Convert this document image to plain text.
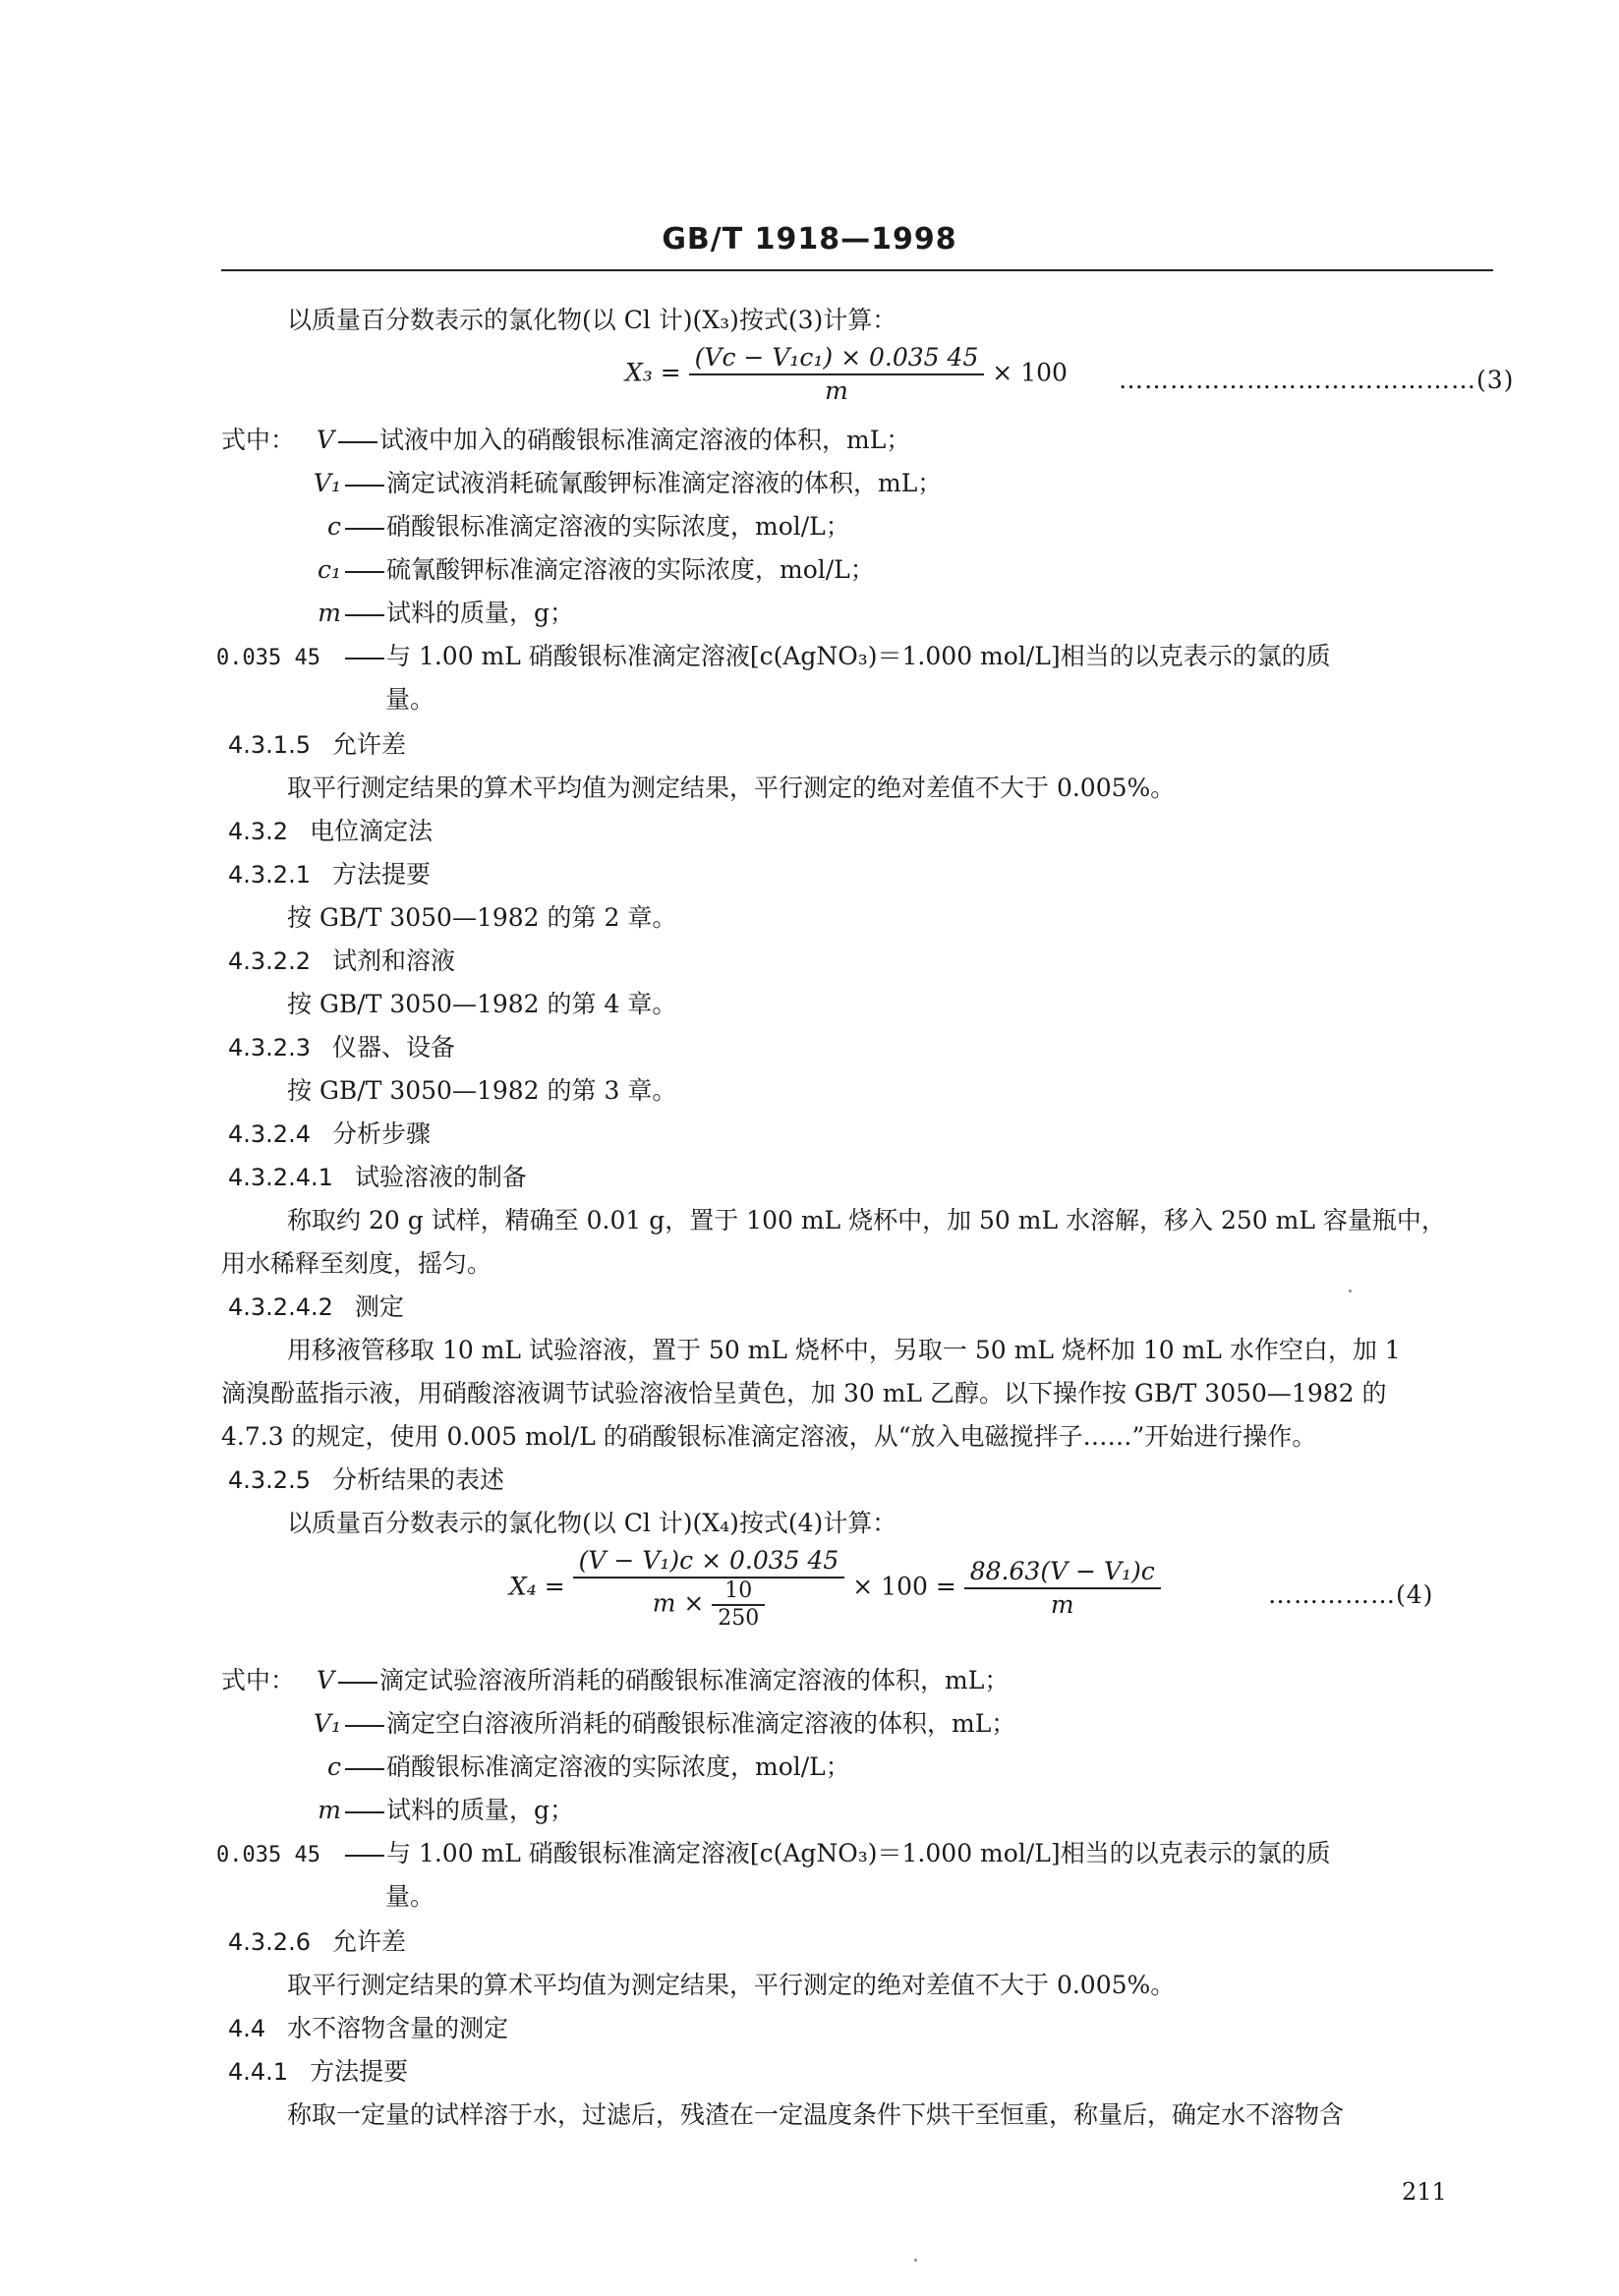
GB/T 1918—1998
以质量百分数表示的氯化物(以 Cl 计)(X₃)按式(3)计算：
$X_3 = \frac{\text{(Vc − V₁c₁) × 0.035 45}}{m} \times 100$ ……………………………………(3)
式中： V 试液中加入的硝酸银标准滴定溶液的体积，mL；
V₁ 滴定试液消耗硫氰酸钾标准滴定溶液的体积，mL；
c 硝酸银标准滴定溶液的实际浓度，mol/L；
c₁ 硫氰酸钾标准滴定溶液的实际浓度，mol/L；
m 试料的质量，g；
0.035 45	与 1.00 mL 硝酸银标准滴定溶液[c(AgNO₃)＝1.000 mol/L]相当的以克表示的氯的质
量。
4.3.1.5 允许差
取平行测定结果的算术平均值为测定结果，平行测定的绝对差值不大于 0.005%。
4.3.2 电位滴定法
4.3.2.1 方法提要
按 GB/T 3050—1982 的第 2 章。
4.3.2.2 试剂和溶液
按 GB/T 3050—1982 的第 4 章。
4.3.2.3 仪器、设备
按 GB/T 3050—1982 的第 3 章。
4.3.2.4 分析步骤
4.3.2.4.1 试验溶液的制备
称取约 20 g 试样，精确至 0.01 g，置于 100 mL 烧杯中，加 50 mL 水溶解，移入 250 mL 容量瓶中，
用水稀释至刻度，摇匀。
4.3.2.4.2 测定
用移液管移取 10 mL 试验溶液，置于 50 mL 烧杯中，另取一 50 mL 烧杯加 10 mL 水作空白，加 1
滴溴酚蓝指示液，用硝酸溶液调节试验溶液恰呈黄色，加 30 mL 乙醇。以下操作按 GB/T 3050—1982 的
4.7.3 的规定，使用 0.005 mol/L 的硝酸银标准滴定溶液，从“放入电磁搅拌子……”开始进行操作。
4.3.2.5 分析结果的表述
以质量百分数表示的氯化物(以 Cl 计)(X₄)按式(4)计算：
$X_4 = \frac{\text{(V − V₁)c × 0.035 45}}{m \times \frac{10}{250}} \times 100 = \frac{\text{88.63(V − V₁)c}}{m}$	……………(4)
式中： V 滴定试验溶液所消耗的硝酸银标准滴定溶液的体积，mL；
V₁ 滴定空白溶液所消耗的硝酸银标准滴定溶液的体积，mL；
c 硝酸银标准滴定溶液的实际浓度，mol/L；
m 试料的质量，g；
0.035 45	与 1.00 mL 硝酸银标准滴定溶液[c(AgNO₃)＝1.000 mol/L]相当的以克表示的氯的质
量。
4.3.2.6 允许差
取平行测定结果的算术平均值为测定结果，平行测定的绝对差值不大于 0.005%。
4.4 水不溶物含量的测定
4.4.1 方法提要
称取一定量的试样溶于水，过滤后，残渣在一定温度条件下烘干至恒重，称量后，确定水不溶物含
211
